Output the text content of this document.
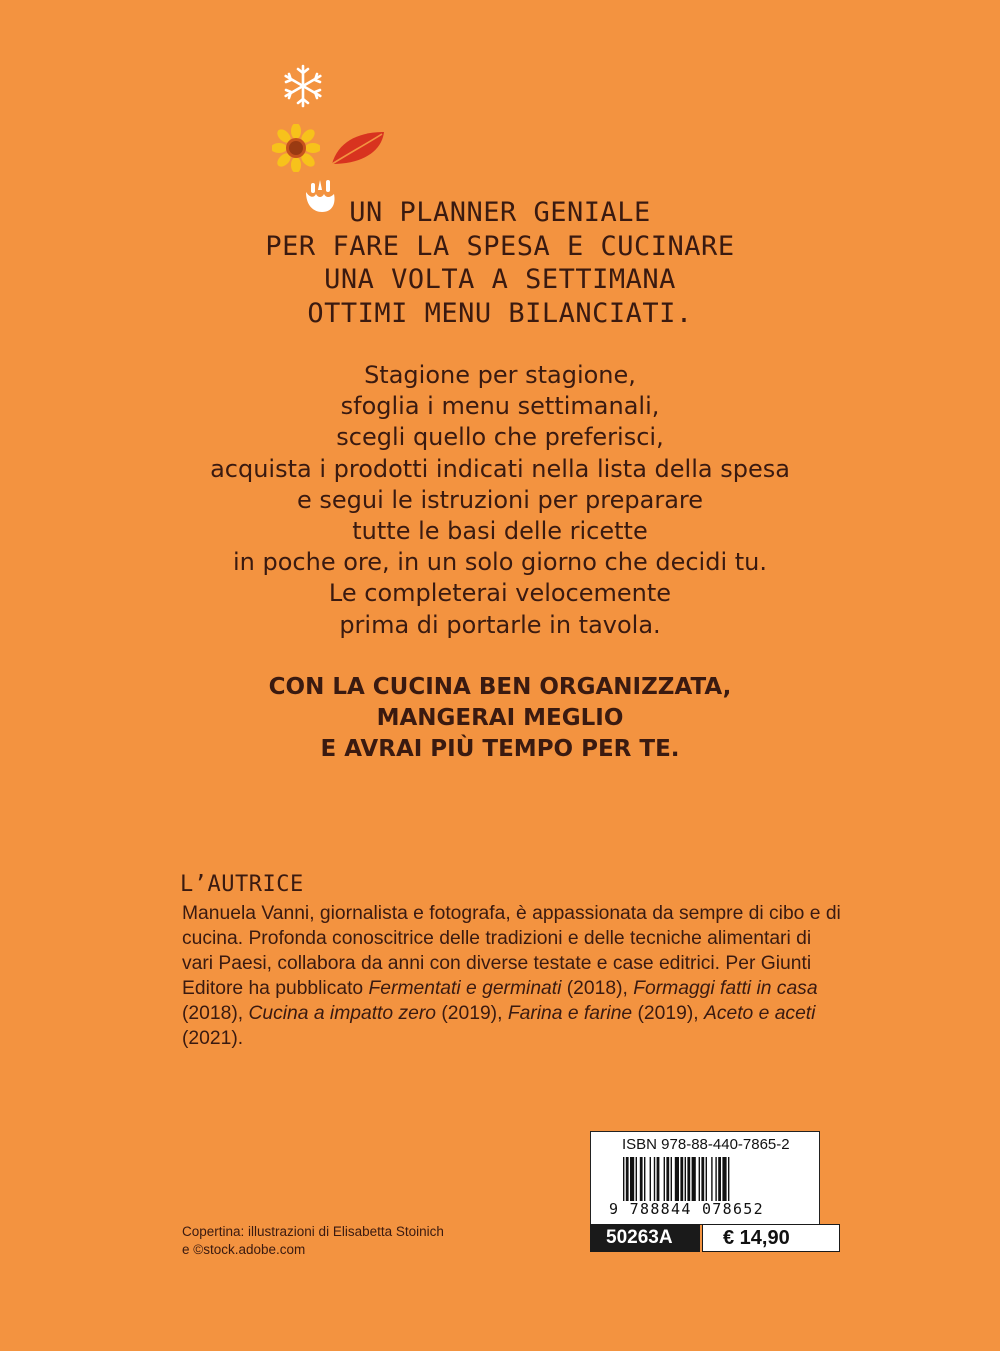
UN PLANNER GENIALE
PER FARE LA SPESA E CUCINARE
UNA VOLTA A SETTIMANA
OTTIMI MENU BILANCIATI.
Stagione per stagione,
sfoglia i menu settimanali,
scegli quello che preferisci,
acquista i prodotti indicati nella lista della spesa
e segui le istruzioni per preparare
tutte le basi delle ricette
in poche ore, in un solo giorno che decidi tu.
Le completerai velocemente
prima di portarle in tavola.
CON LA CUCINA BEN ORGANIZZATA,
MANGERAI MEGLIO
E AVRAI PIÙ TEMPO PER TE.
L’AUTRICE
Manuela Vanni, giornalista e fotografa, è appassionata da sempre di cibo e di cucina. Profonda conoscitrice delle tradizioni e delle tecniche alimentari di vari Paesi, collabora da anni con diverse testate e case editrici. Per Giunti Editore ha pubblicato Fermentati e germinati (2018), Formaggi fatti in casa (2018), Cucina a impatto zero (2019), Farina e farine (2019), Aceto e aceti (2021).
Copertina: illustrazioni di Elisabetta Stoinich
e ©stock.adobe.com
ISBN 978-88-440-7865-2
9 788844 078652
50263A	€ 14,90
